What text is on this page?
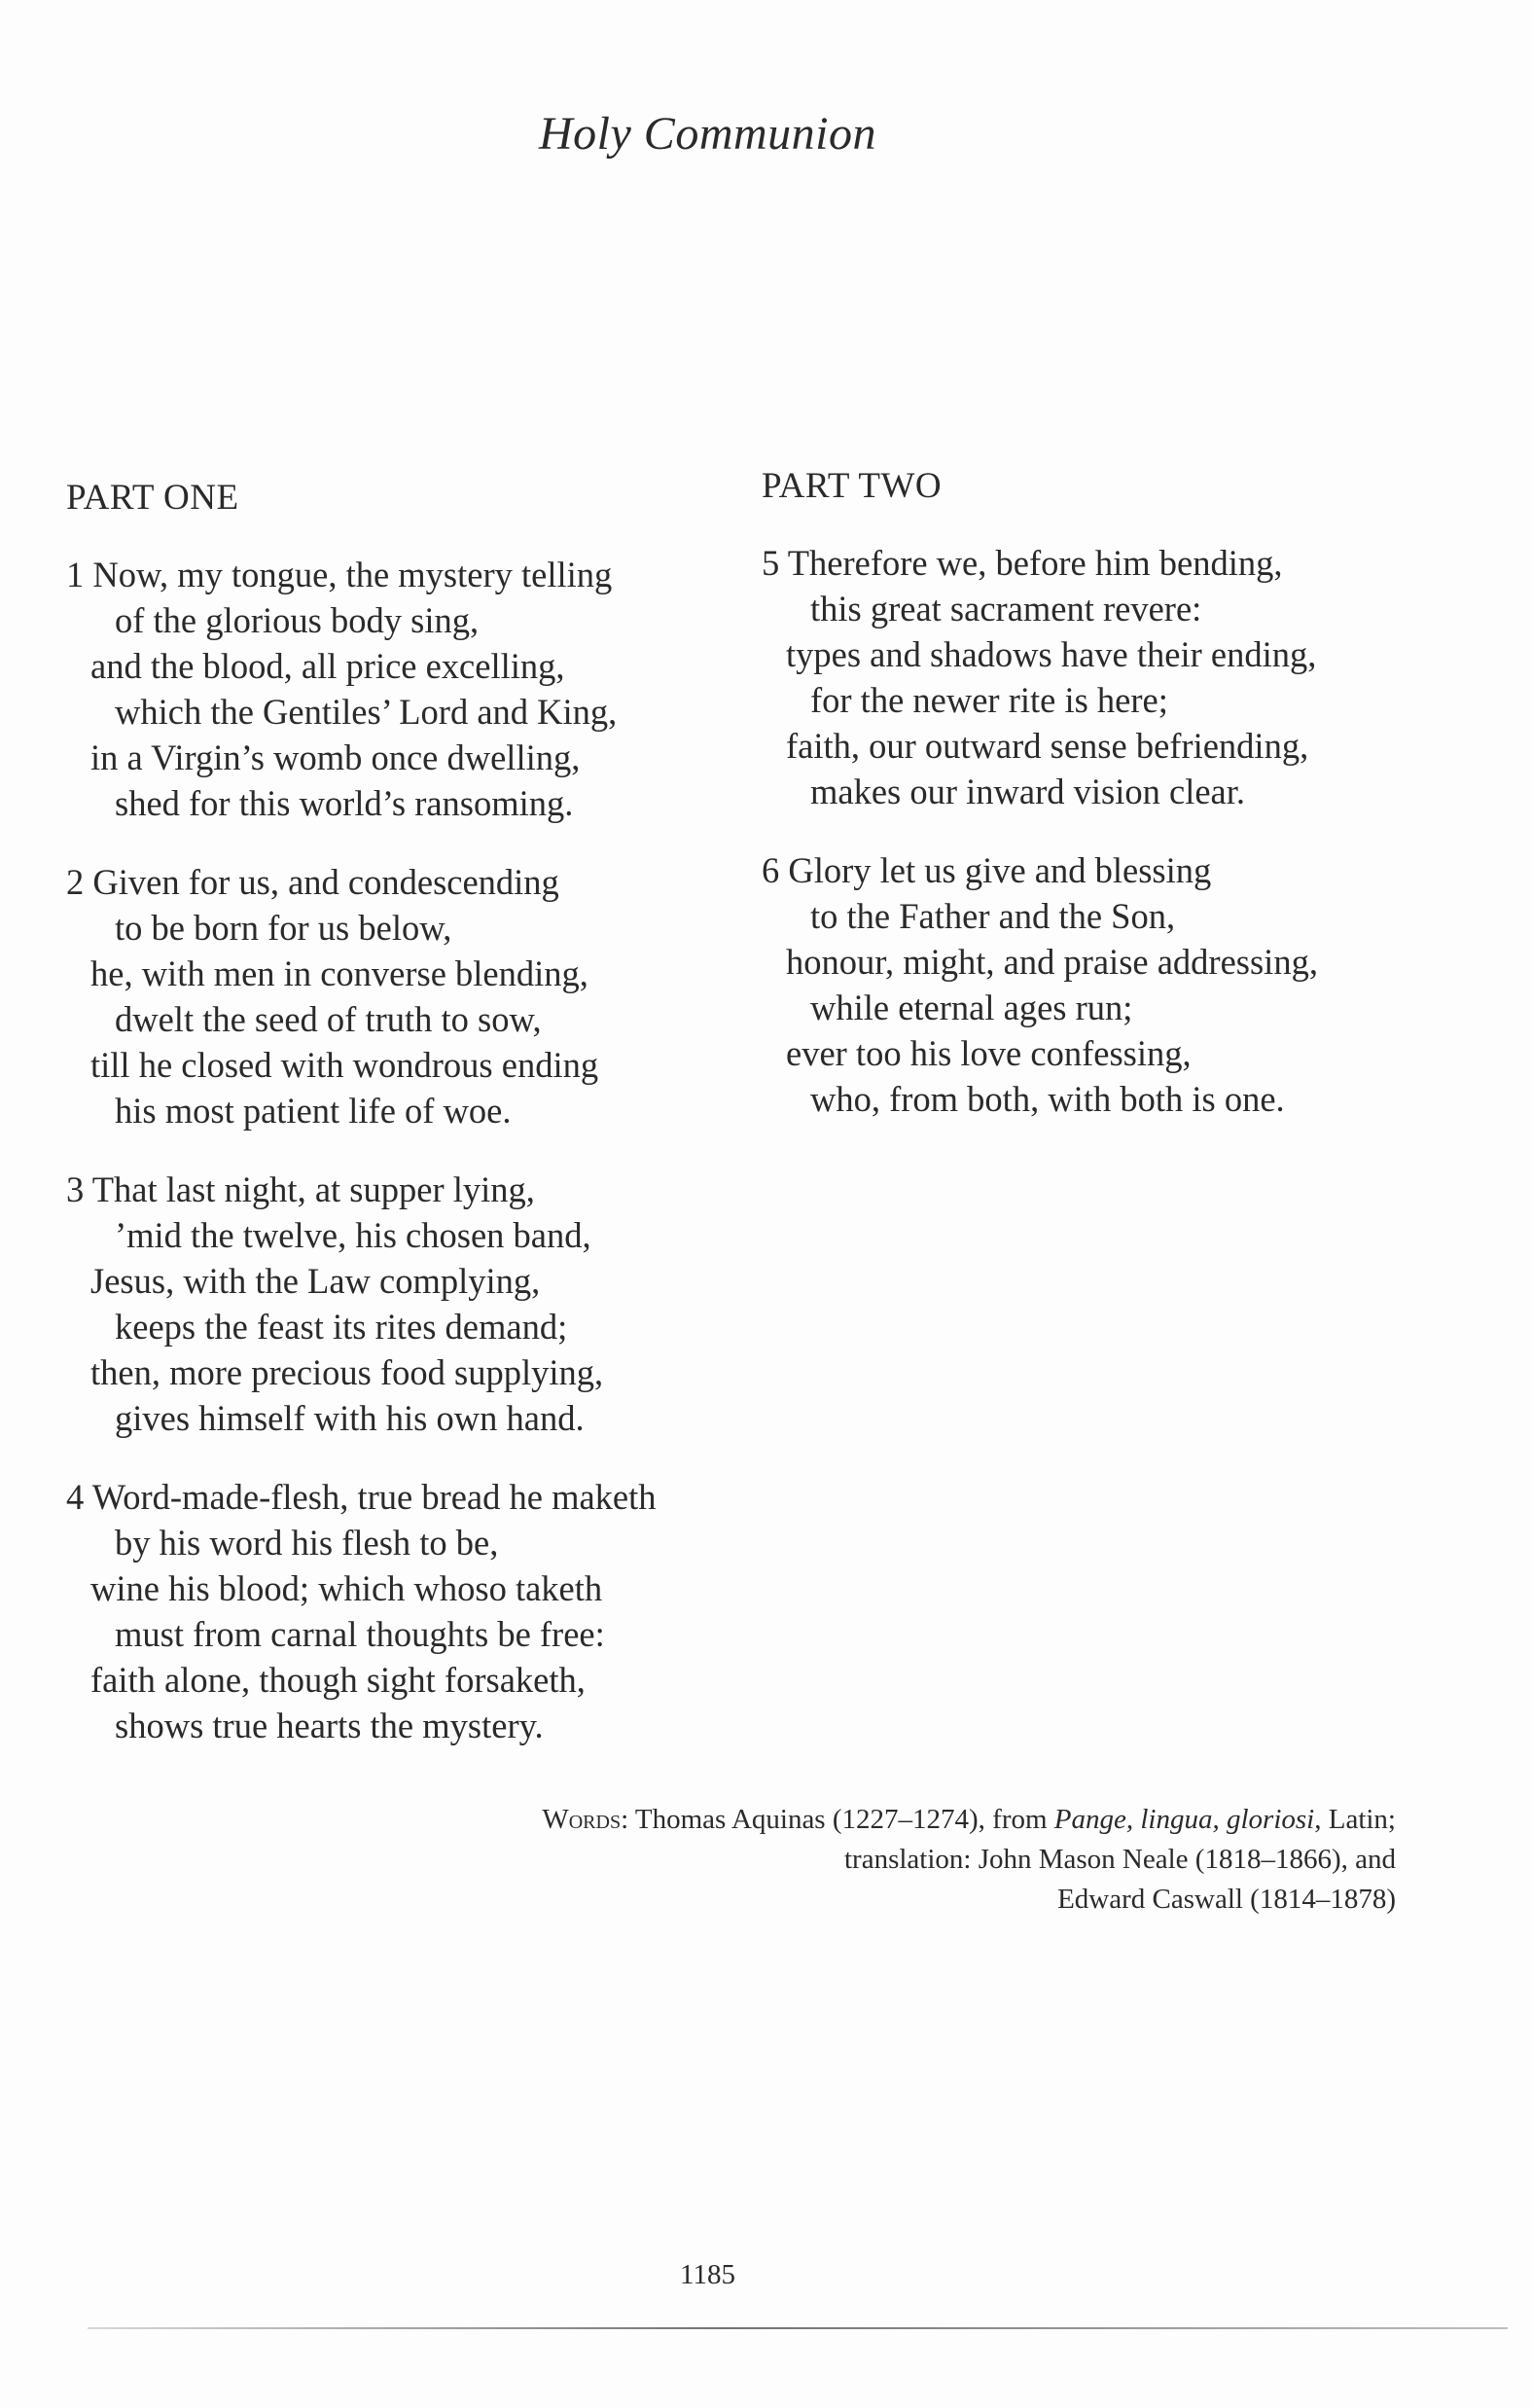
Holy Communion
PART ONE
1 Now, my tongue, the mystery telling
of the glorious body sing,
and the blood, all price excelling,
which the Gentiles’ Lord and King,
in a Virgin’s womb once dwelling,
shed for this world’s ransoming.
2 Given for us, and condescending
to be born for us below,
he, with men in converse blending,
dwelt the seed of truth to sow,
till he closed with wondrous ending
his most patient life of woe.
3 That last night, at supper lying,
’mid the twelve, his chosen band,
Jesus, with the Law complying,
keeps the feast its rites demand;
then, more precious food supplying,
gives himself with his own hand.
4 Word-made-flesh, true bread he maketh
by his word his flesh to be,
wine his blood; which whoso taketh
must from carnal thoughts be free:
faith alone, though sight forsaketh,
shows true hearts the mystery.
PART TWO
5 Therefore we, before him bending,
this great sacrament revere:
types and shadows have their ending,
for the newer rite is here;
faith, our outward sense befriending,
makes our inward vision clear.
6 Glory let us give and blessing
to the Father and the Son,
honour, might, and praise addressing,
while eternal ages run;
ever too his love confessing,
who, from both, with both is one.
Words: Thomas Aquinas (1227–1274), from Pange, lingua, gloriosi, Latin;
translation: John Mason Neale (1818–1866), and
Edward Caswall (1814–1878)
1185
